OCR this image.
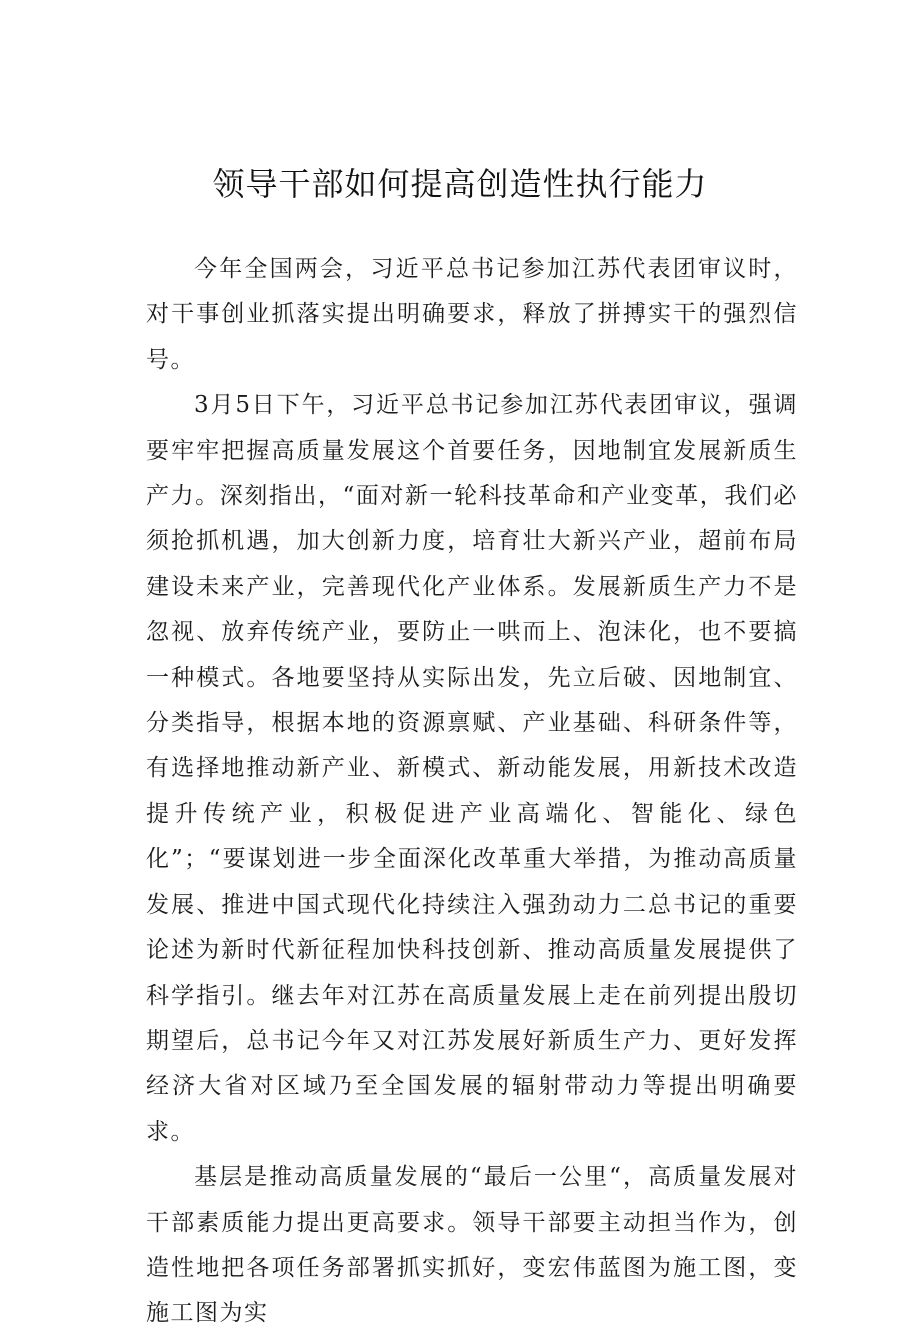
领导干部如何提高创造性执行能力

今年全国两会，习近平总书记参加江苏代表团审议时，对干事创业抓落实提出明确要求，释放了拼搏实干的强烈信号。

3月5日下午，习近平总书记参加江苏代表团审议，强调要牢牢把握高质量发展这个首要任务，因地制宜发展新质生产力。深刻指出，“面对新一轮科技革命和产业变革，我们必须抢抓机遇，加大创新力度，培育壮大新兴产业，超前布局建设未来产业，完善现代化产业体系。发展新质生产力不是忽视、放弃传统产业，要防止一哄而上、泡沫化，也不要搞一种模式。各地要坚持从实际出发，先立后破、因地制宜、分类指导，根据本地的资源禀赋、产业基础、科研条件等，有选择地推动新产业、新模式、新动能发展，用新技术改造提升传统产业，积极促进产业高端化、智能化、绿色化”；“要谋划进一步全面深化改革重大举措，为推动高质量发展、推进中国式现代化持续注入强劲动力二总书记的重要论述为新时代新征程加快科技创新、推动高质量发展提供了科学指引。继去年对江苏在高质量发展上走在前列提出殷切期望后，总书记今年又对江苏发展好新质生产力、更好发挥经济大省对区域乃至全国发展的辐射带动力等提出明确要求。

基层是推动高质量发展的“最后一公里“，高质量发展对干部素质能力提出更高要求。领导干部要主动担当作为，创造性地把各项任务部署抓实抓好，变宏伟蓝图为施工图，变施工图为实
